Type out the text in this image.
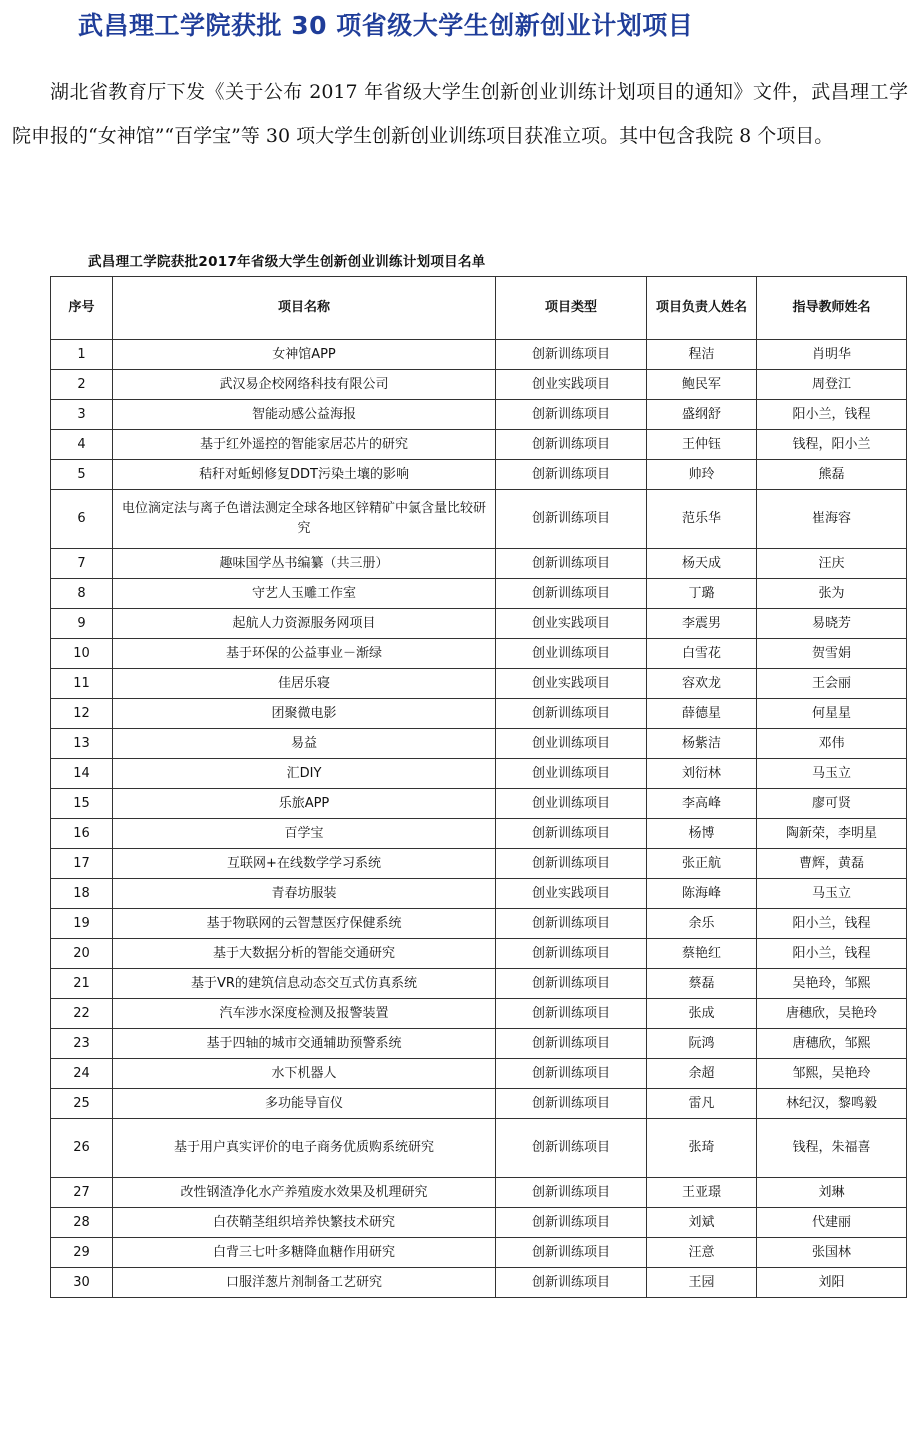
武昌理工学院获批 30 项省级大学生创新创业计划项目

湖北省教育厅下发《关于公布 2017 年省级大学生创新创业训练计划项目的通知》文件，武昌理工学院申报的“女神馆”“百学宝”等 30 项大学生创新创业训练项目获准立项。其中包含我院 8 个项目。

武昌理工学院获批2017年省级大学生创新创业训练计划项目名单
序号	项目名称	项目类型	项目负责人姓名	指导教师姓名
1	女神馆APP	创新训练项目	程洁	肖明华
2	武汉易企校网络科技有限公司	创业实践项目	鲍民军	周登江
3	智能动感公益海报	创新训练项目	盛纲舒	阳小兰，钱程
4	基于红外遥控的智能家居芯片的研究	创新训练项目	王仲钰	钱程，阳小兰
5	秸秆对蚯蚓修复DDT污染土壤的影响	创新训练项目	帅玲	熊磊
6	电位滴定法与离子色谱法测定全球各地区锌精矿中氯含量比较研究	创新训练项目	范乐华	崔海容
7	趣味国学丛书编纂（共三册）	创新训练项目	杨天成	汪庆
8	守艺人玉雕工作室	创新训练项目	丁璐	张为
9	起航人力资源服务网项目	创业实践项目	李震男	易晓芳
10	基于环保的公益事业－渐绿	创业训练项目	白雪花	贺雪娟
11	佳居乐寝	创业实践项目	容欢龙	王会丽
12	团聚微电影	创新训练项目	薛德星	何星星
13	易益	创业训练项目	杨紫洁	邓伟
14	汇DIY	创业训练项目	刘衍林	马玉立
15	乐旅APP	创业训练项目	李高峰	廖可贤
16	百学宝	创新训练项目	杨博	陶新荣，李明星
17	互联网+在线数学学习系统	创新训练项目	张正航	曹辉，黄磊
18	青春坊服装	创业实践项目	陈海峰	马玉立
19	基于物联网的云智慧医疗保健系统	创新训练项目	余乐	阳小兰，钱程
20	基于大数据分析的智能交通研究	创新训练项目	蔡艳红	阳小兰，钱程
21	基于VR的建筑信息动态交互式仿真系统	创新训练项目	蔡磊	吴艳玲，邹熙
22	汽车涉水深度检测及报警装置	创新训练项目	张成	唐穗欣，吴艳玲
23	基于四轴的城市交通辅助预警系统	创新训练项目	阮鸿	唐穗欣，邹熙
24	水下机器人	创新训练项目	余超	邹熙，吴艳玲
25	多功能导盲仪	创新训练项目	雷凡	林纪汉，黎鸣毅
26	基于用户真实评价的电子商务优质购系统研究	创新训练项目	张琦	钱程，朱福喜
27	改性钢渣净化水产养殖废水效果及机理研究	创新训练项目	王亚璟	刘琳
28	白茯鞘茎组织培养快繁技术研究	创新训练项目	刘斌	代建丽
29	白背三七叶多糖降血糖作用研究	创新训练项目	汪意	张国林
30	口服洋葱片剂制备工艺研究	创新训练项目	王园	刘阳
